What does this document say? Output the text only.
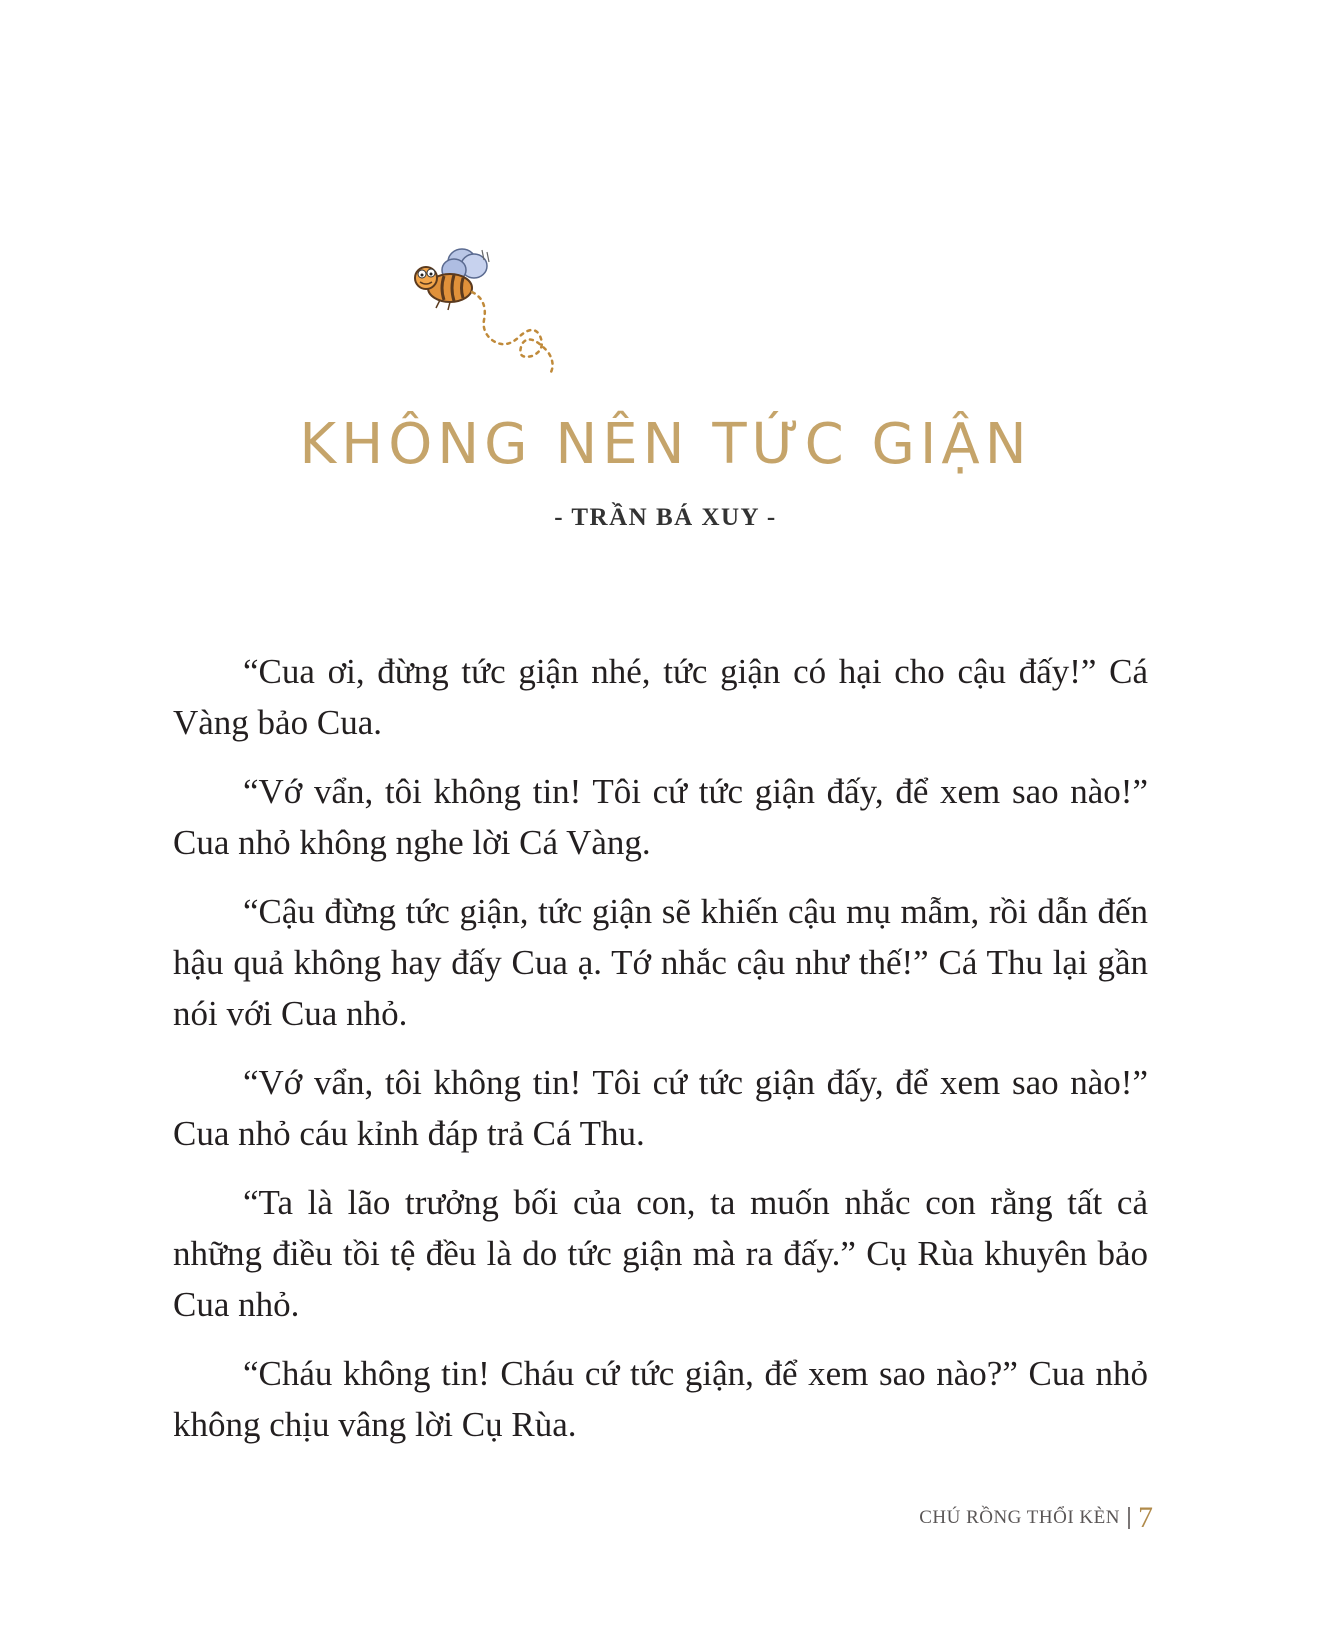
KHÔNG NÊN TỨC GIẬN
- TRẦN BÁ XUY -

“Cua ơi, đừng tức giận nhé, tức giận có hại cho cậu đấy!” Cá Vàng bảo Cua.

“Vớ vẩn, tôi không tin! Tôi cứ tức giận đấy, để xem sao nào!” Cua nhỏ không nghe lời Cá Vàng.

“Cậu đừng tức giận, tức giận sẽ khiến cậu mụ mẫm, rồi dẫn đến hậu quả không hay đấy Cua ạ. Tớ nhắc cậu như thế!” Cá Thu lại gần nói với Cua nhỏ.

“Vớ vẩn, tôi không tin! Tôi cứ tức giận đấy, để xem sao nào!” Cua nhỏ cáu kỉnh đáp trả Cá Thu.

“Ta là lão trưởng bối của con, ta muốn nhắc con rằng tất cả những điều tồi tệ đều là do tức giận mà ra đấy.” Cụ Rùa khuyên bảo Cua nhỏ.

“Cháu không tin! Cháu cứ tức giận, để xem sao nào?” Cua nhỏ không chịu vâng lời Cụ Rùa.

CHÚ RỒNG THỔI KÈN 7
